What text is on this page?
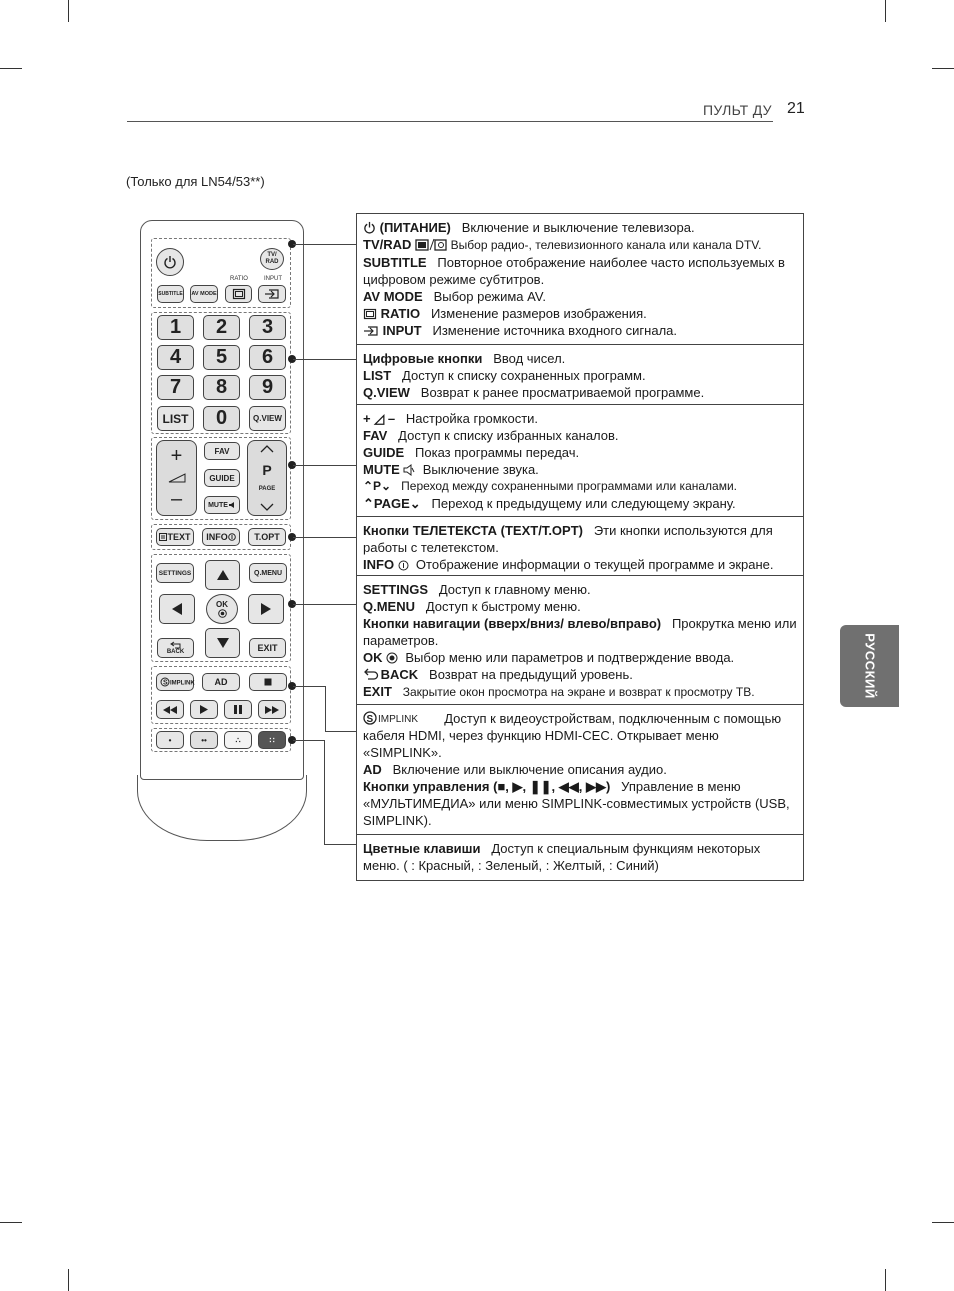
ПУЛЬТ ДУ 21
(Только для LN54/53**)
РУССКИЙ
TV/
RAD
RATIO	INPUT
SUBTITLE AV MODE
1	2	3
4	5	6
7	8	9
LIST	0	Q.VIEW
+
–
FAV
GUIDE
MUTE
P
PAGE
TEXT INFO	T.OPT
SETTINGS	Q.MENU
OK
BACK	EXIT
S IMPLINK	AD
•	••	∴	∷
(ПИТАНИЕ) Включение и выключение телевизора.
TV/RAD	Выбор радио-, телевизионного канала или канала DTV.
SUBTITLE Повторное отображение наиболее часто используемых в цифровом режиме субтитров.
AV MODE Выбор режима AV.
RATIO Изменение размеров изображения.
INPUT Изменение источника входного сигнала.
Цифровые кнопки Ввод чисел.
LIST Доступ к списку сохраненных программ.
Q.VIEW Возврат к ранее просматриваемой программе.
+ ◿ – Настройка громкости.
FAV Доступ к списку избранных каналов.
GUIDE Показ программы передач.
MUTE Выключение звука.
⌃P⌄ Переход между сохраненными программами или каналами.
⌃PAGE⌄ Переход к предыдущему или следующему экрану.
Кнопки ТЕЛЕТЕКСТА (TEXT/T.OPT) Эти кнопки используются для работы с телетекстом.
INFO Отображение информации о текущей программе и экране.
SETTINGS Доступ к главному меню.
Q.MENU Доступ к быстрому меню.
Кнопки навигации (вверх/вниз/ влево/вправо) Прокрутка меню или параметров.
OK Выбор меню или параметров и подтверждение ввода.
BACK Возврат на предыдущий уровень.
EXIT Закрытие окон просмотра на экране и возврат к просмотру ТВ.
S IMPLINK Доступ к видеоустройствам, подключенным с помощью кабеля HDMI, через функцию HDMI-CEC. Открывает меню «SIMPLINK».
AD Включение или выключение описания аудио.
Кнопки управления (■, ▶, ❚❚, ◀◀, ▶▶) Управление в меню «МУЛЬТИМЕДИА» или меню SIMPLINK-совместимых устройств (USB, SIMPLINK).
Цветные клавиши Доступ к специальным функциям некоторых меню. ( : Красный, : Зеленый, : Желтый, : Синий)
